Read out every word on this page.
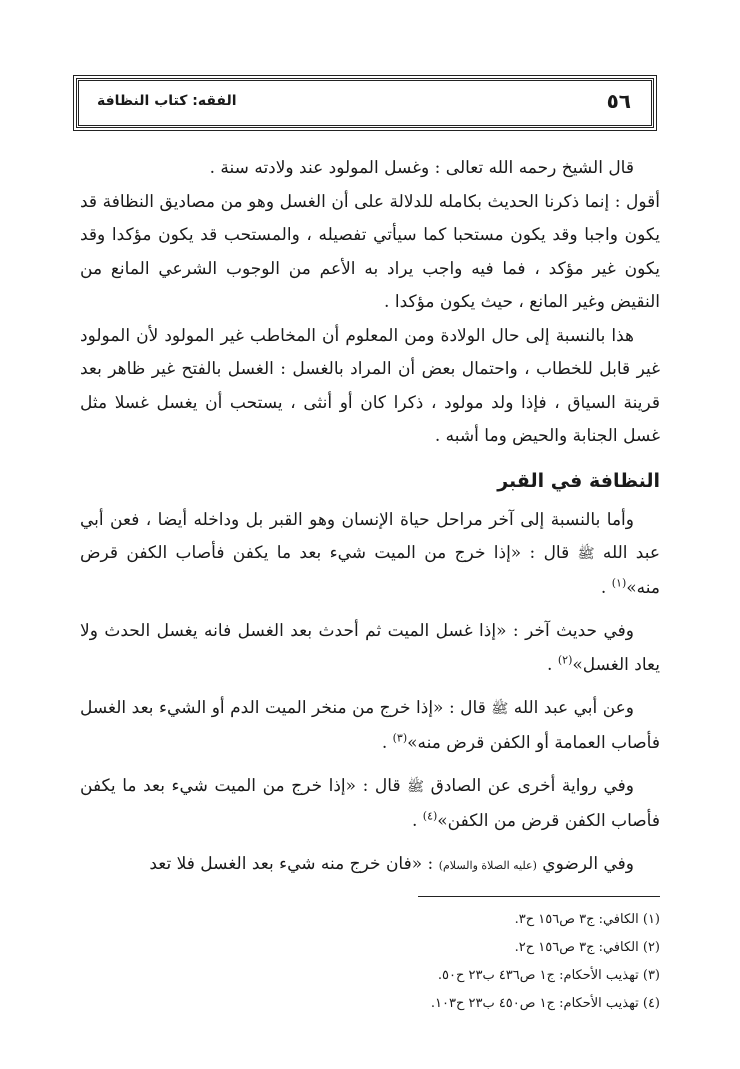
٥٦
الفقه: كتاب النظافة

قال الشيخ رحمه الله تعالى : وغسل المولود عند ولادته سنة .

أقول : إنما ذكرنا الحديث بكامله للدلالة على أن الغسل وهو من مصاديق النظافة قد يكون واجبا وقد يكون مستحبا كما سيأتي تفصيله ، والمستحب قد يكون مؤكدا وقد يكون غير مؤكد ، فما فيه واجب يراد به الأعم من الوجوب الشرعي المانع من النقيض وغير المانع ، حيث يكون مؤكدا .

هذا بالنسبة إلى حال الولادة ومن المعلوم أن المخاطب غير المولود لأن المولود غير قابل للخطاب ، واحتمال بعض أن المراد بالغسل : الغسل بالفتح غير ظاهر بعد قرينة السياق ، فإذا ولد مولود ، ذكرا كان أو أنثى ، يستحب أن يغسل غسلا مثل غسل الجنابة والحيض وما أشبه .

النظافة في القبر

وأما بالنسبة إلى آخر مراحل حياة الإنسان وهو القبر بل وداخله أيضا ، فعن أبي عبد الله ﷺ قال : «إذا خرج من الميت شيء بعد ما يكفن فأصاب الكفن قرض منه»$^{(١)}$ .

وفي حديث آخر : «إذا غسل الميت ثم أحدث بعد الغسل فانه يغسل الحدث ولا يعاد الغسل»$^{(٢)}$ .

وعن أبي عبد الله ﷺ قال : «إذا خرج من منخر الميت الدم أو الشيء بعد الغسل فأصاب العمامة أو الكفن قرض منه»$^{(٣)}$ .

وفي رواية أخرى عن الصادق ﷺ قال : «إذا خرج من الميت شيء بعد ما يكفن فأصاب الكفن قرض من الكفن»$^{(٤)}$ .

وفي الرضوي (عليه الصلاة والسلام) : «فان خرج منه شيء بعد الغسل فلا تعد

(١) الكافي: ج٣ ص١٥٦ ح٣.
(٢) الكافي: ج٣ ص١٥٦ ح٢.
(٣) تهذيب الأحكام: ج١ ص٤٣٦ ب٢٣ ح٥٠.
(٤) تهذيب الأحكام: ج١ ص٤٥٠ ب٢٣ ح١٠٣.
